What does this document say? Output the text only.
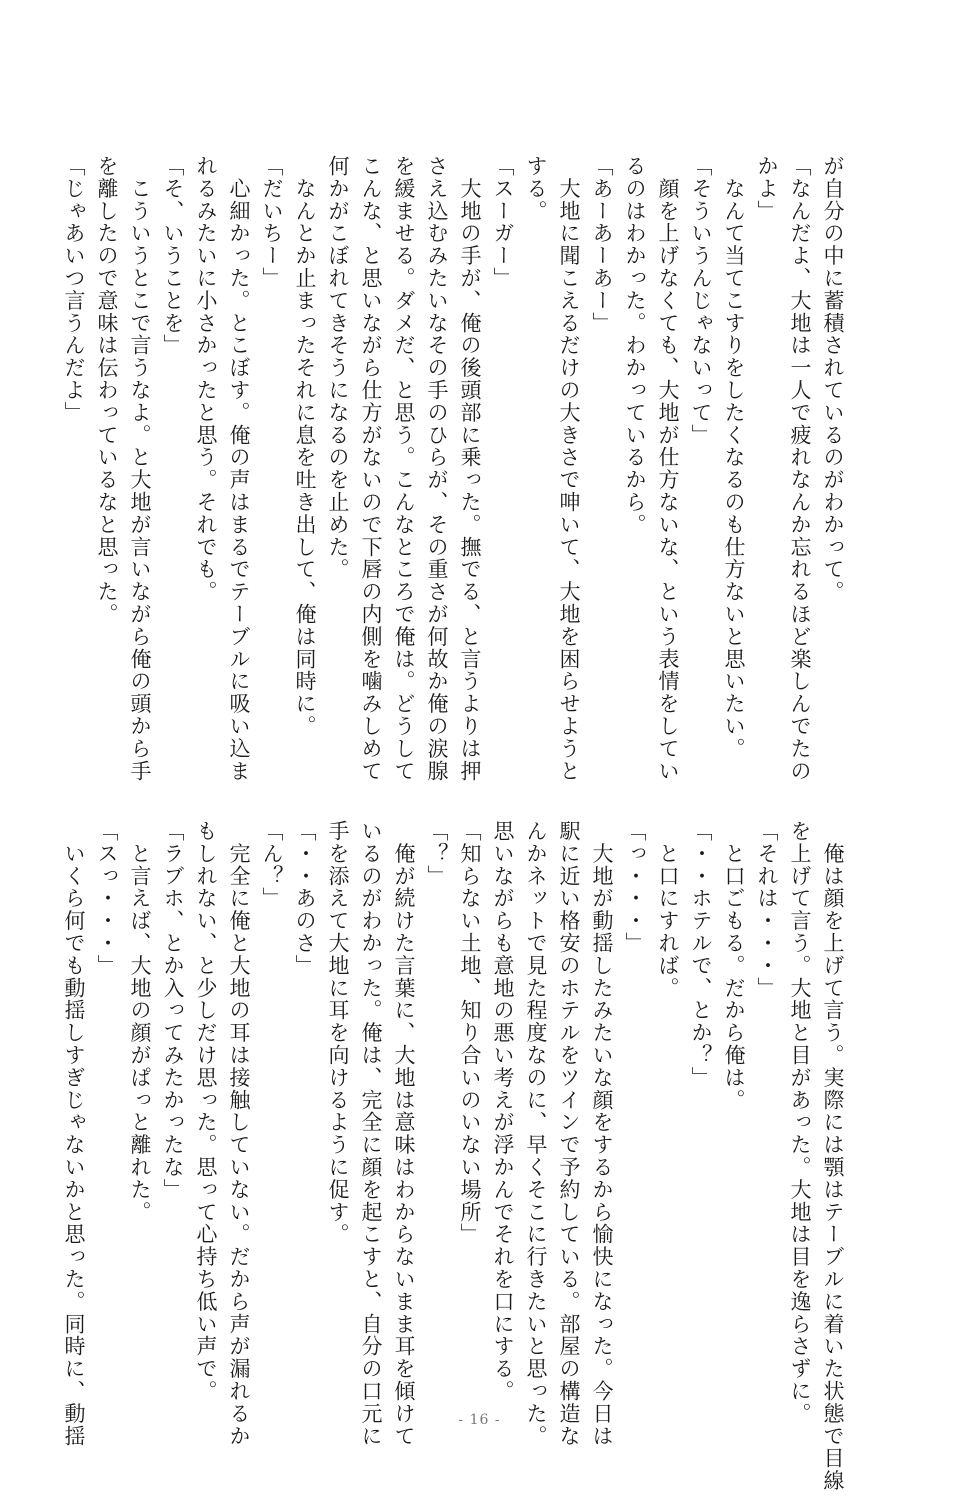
が自分の中に蓄積されているのがわかって。
「なんだよ、大地は一人で疲れなんか忘れるほど楽しんでたの
かよ」
　なんて当てこすりをしたくなるのも仕方ないと思いたい。
「そういうんじゃないって」
　顔を上げなくても、大地が仕方ないな、という表情をしてい
るのはわかった。わかっているから。
「あーあーあー」
　大地に聞こえるだけの大きさで呻いて、大地を困らせようと
する。
「スーガー」
　大地の手が、俺の後頭部に乗った。撫でる、と言うよりは押
さえ込むみたいなその手のひらが、その重さが何故か俺の涙腺
を緩ませる。ダメだ、と思う。こんなところで俺は。どうして
こんな、と思いながら仕方がないので下唇の内側を噛みしめて
何かがこぼれてきそうになるのを止めた。
　なんとか止まったそれに息を吐き出して、俺は同時に。
「だいちー」
　心細かった。とこぼす。俺の声はまるでテーブルに吸い込ま
れるみたいに小さかったと思う。それでも。
「そ、いうことを」
　こういうとこで言うなよ。と大地が言いながら俺の頭から手
を離したので意味は伝わっているなと思った。
「じゃあいつ言うんだよ」
　俺は顔を上げて言う。実際には顎はテーブルに着いた状態で目線
を上げて言う。大地と目があった。大地は目を逸らさずに。
「それは・・・」
　と口ごもる。だから俺は。
「・・ホテルで、とか？」
　と口にすれば。
「っ・・・」
　大地が動揺したみたいな顔をするから愉快になった。今日は
駅に近い格安のホテルをツインで予約している。部屋の構造な
んかネットで見た程度なのに、早くそこに行きたいと思った。
思いながらも意地の悪い考えが浮かんでそれを口にする。
「知らない土地、知り合いのいない場所」
「？」
　俺が続けた言葉に、大地は意味はわからないまま耳を傾けて
いるのがわかった。俺は、完全に顔を起こすと、自分の口元に
手を添えて大地に耳を向けるように促す。
「・・あのさ」
「ん？」
　完全に俺と大地の耳は接触していない。だから声が漏れるか
もしれない、と少しだけ思った。思って心持ち低い声で。
「ラブホ、とか入ってみたかったな」
　と言えば、大地の顔がぱっと離れた。
「スっ・・・」
　いくら何でも動揺しすぎじゃないかと思った。同時に、動揺	- 16 -
